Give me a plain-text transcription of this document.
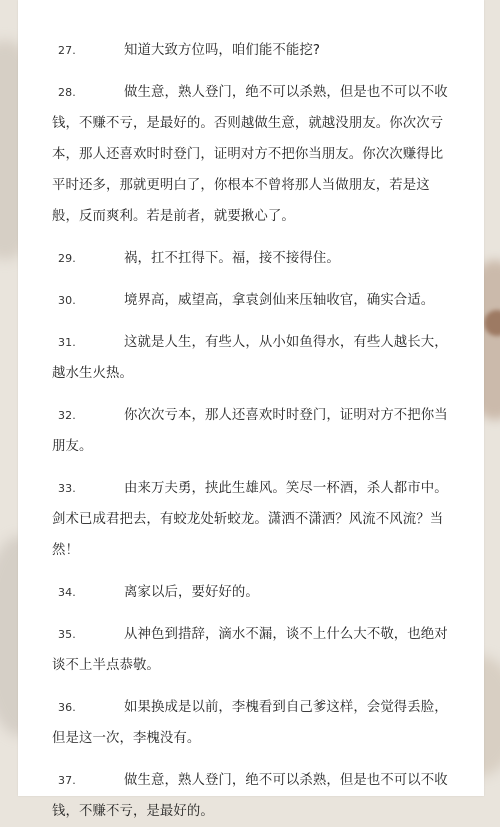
27.	知道大致方位吗，咱们能不能挖?
28.	做生意，熟人登门，绝不可以杀熟，但是也不可以不收钱，不赚不亏，是最好的。否则越做生意，就越没朋友。你次次亏本，那人还喜欢时时登门，证明对方不把你当朋友。你次次赚得比平时还多，那就更明白了，你根本不曾将那人当做朋友，若是这般，反而爽利。若是前者，就要揪心了。
29.	祸，扛不扛得下。福，接不接得住。
30.	境界高，威望高，拿袁剑仙来压轴收官，确实合适。
31.	这就是人生，有些人，从小如鱼得水，有些人越长大，越水生火热。
32.	你次次亏本，那人还喜欢时时登门，证明对方不把你当朋友。
33.	由来万夫勇，挟此生雄风。笑尽一杯酒，杀人都市中。剑术已成君把去，有蛟龙处斩蛟龙。潇洒不潇洒？风流不风流？当然！
34.	离家以后，要好好的。
35.	从神色到措辞，滴水不漏，谈不上什么大不敬，也绝对谈不上半点恭敬。
36.	如果换成是以前，李槐看到自己爹这样，会觉得丢脸，但是这一次，李槐没有。
37.	做生意，熟人登门，绝不可以杀熟，但是也不可以不收钱，不赚不亏，是最好的。
